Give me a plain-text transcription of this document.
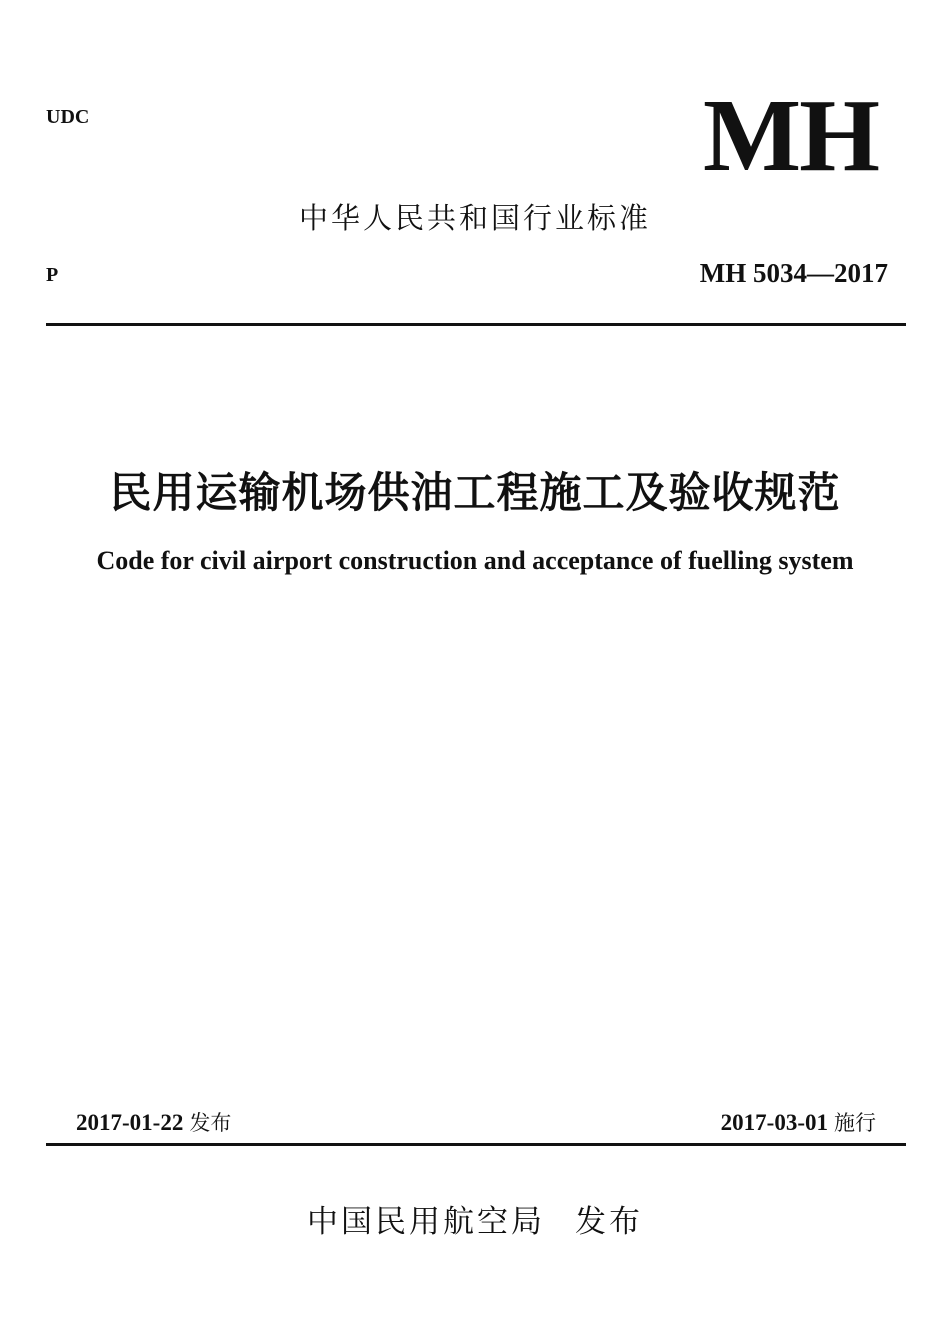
UDC	MH
中华人民共和国行业标准
P	MH 5034—2017
民用运输机场供油工程施工及验收规范
Code for civil airport construction and acceptance of fuelling system
2017-01-22 发布	2017-03-01 施行
中国民用航空局 发布
